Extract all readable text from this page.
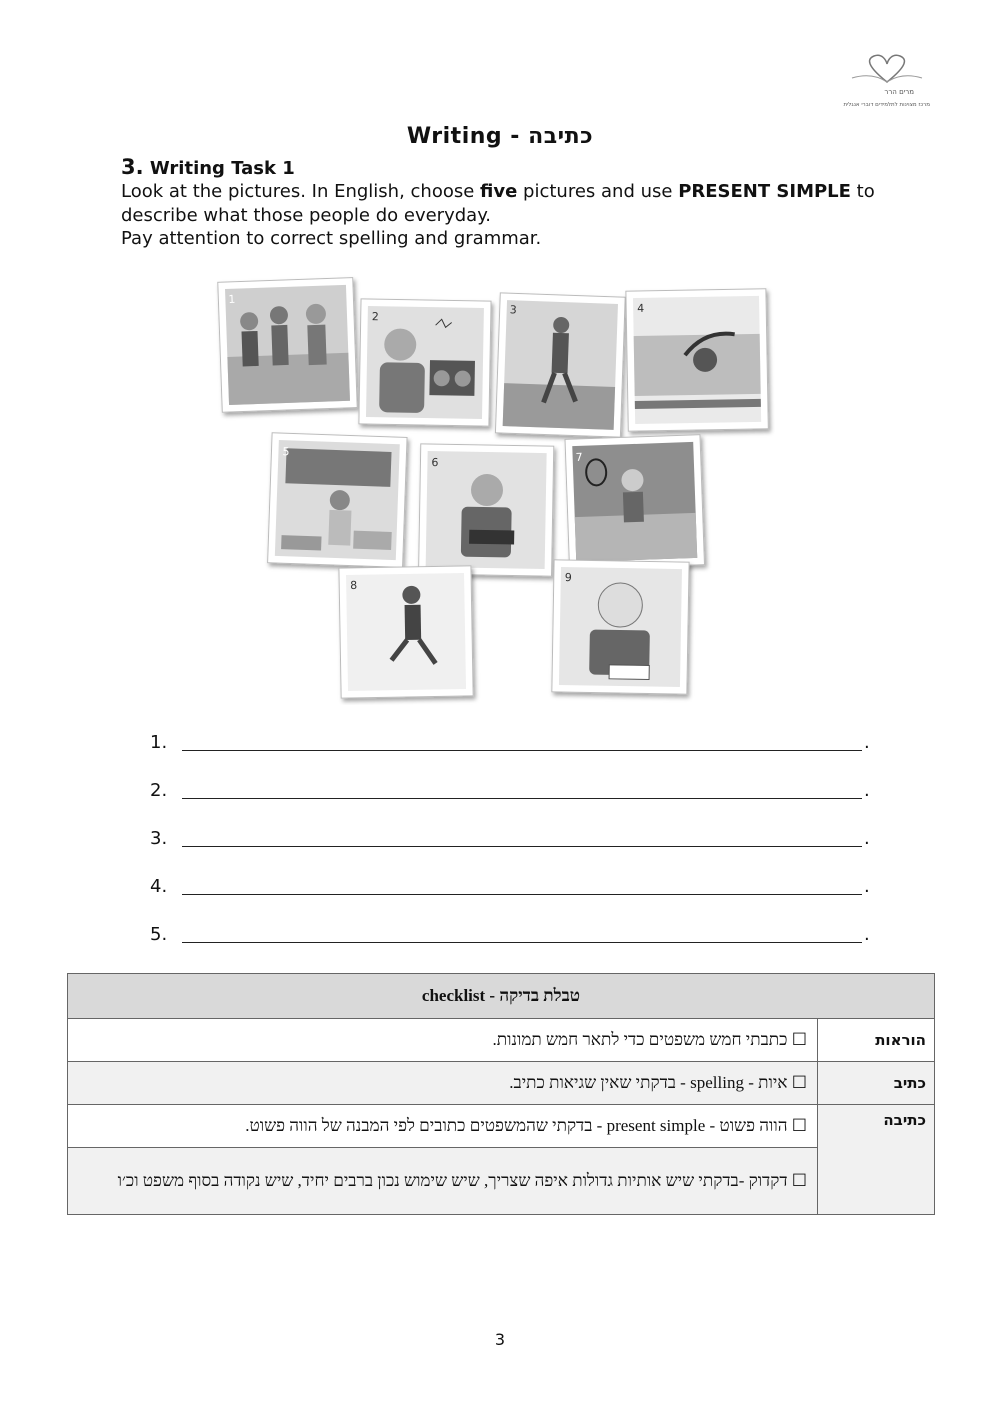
מרים הרר
מרכז מצוינות לתלמידים דוברי אנגלית
Writing - כתיבה
3. Writing Task 1
Look at the pictures. In English, choose five pictures and use PRESENT SIMPLE to describe what those people do everyday.
Pay attention to correct spelling and grammar.
1
2
3	4
5
6	7
8
9
1.	.
2.	.
3.	.
4.	.
5.	.
checklist - טבלת בדיקה	
☐ כתבתי חמש משפטים כדי לתאר חמש תמונות.	הוראות
☐ איות - spelling - בדקתי שאין שגיאות כתיב.	כתיב
☐ הווה פשוט - present simple - בדקתי שהמשפטים כתובים לפי המבנה של הווה פשוט.	כתיבה
☐ דקדוק -בדקתי שיש אותיות גדולות איפה שצריך, שיש שימוש נכון ברבים יחיד, שיש נקודה בסוף משפט וכ׳ו	
3
